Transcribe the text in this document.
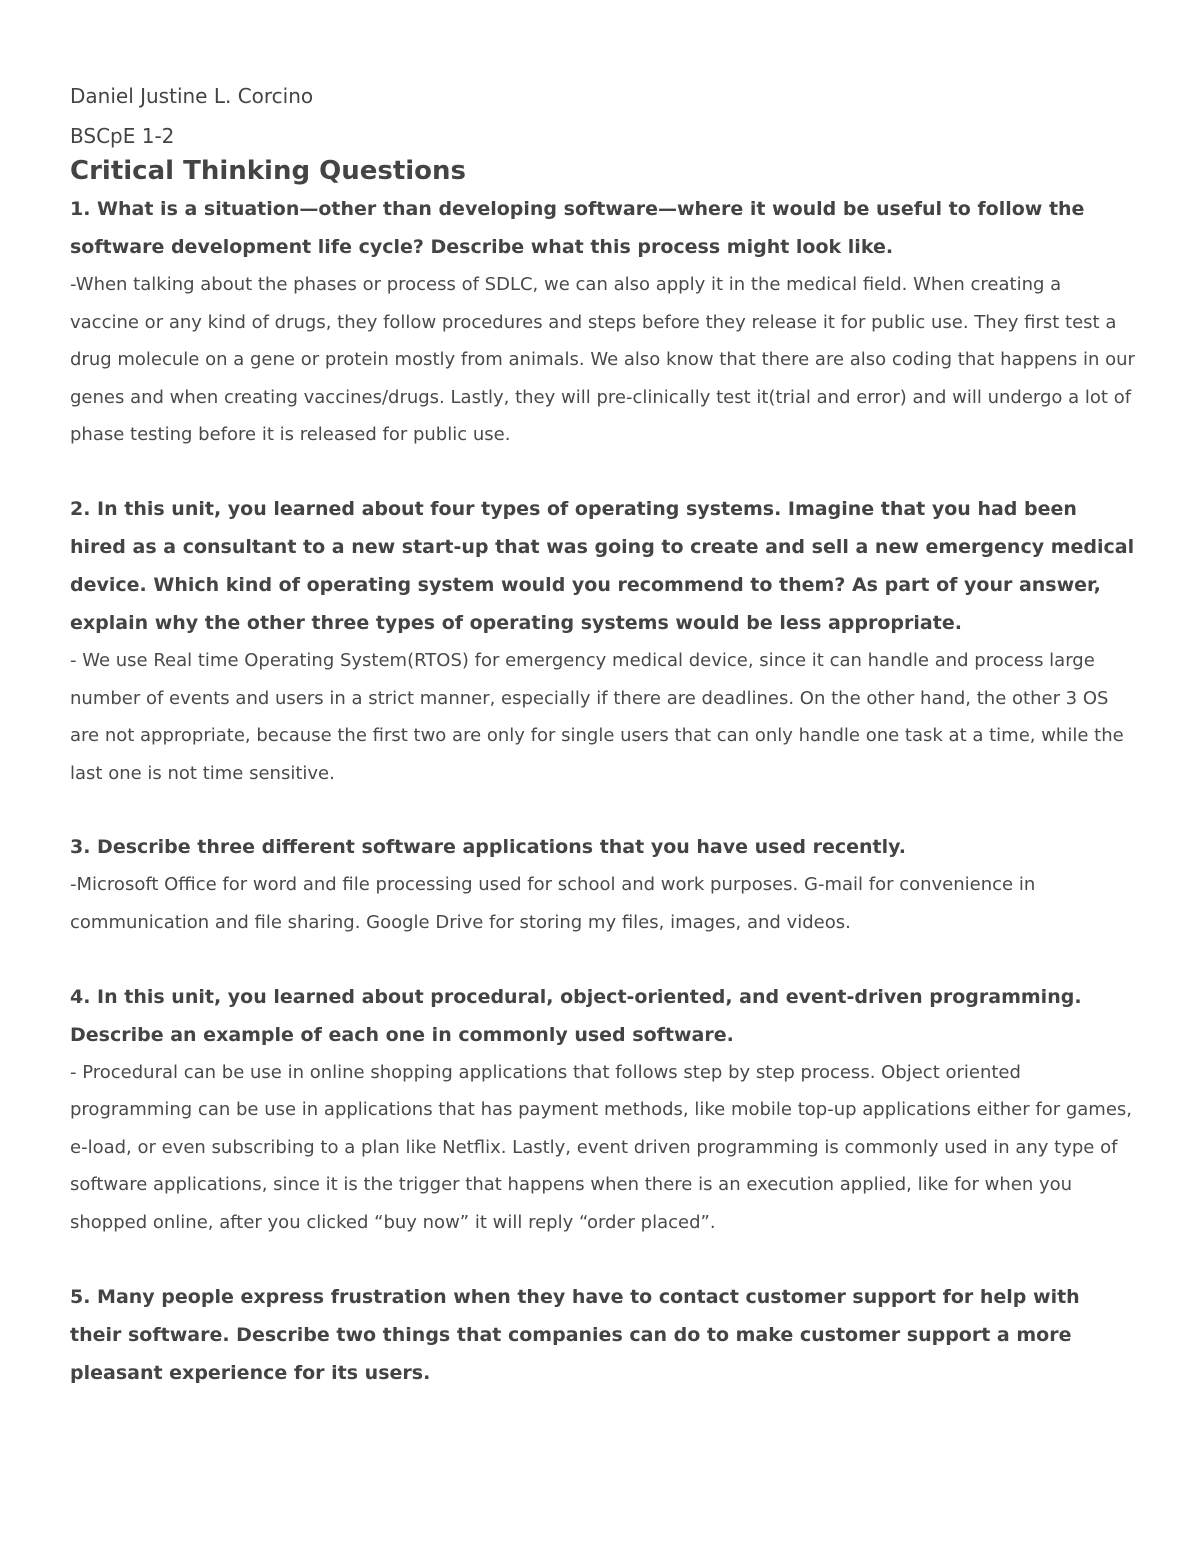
Daniel Justine L. Corcino

BSCpE 1-2

Critical Thinking Questions

1. What is a situation—other than developing software—where it would be useful to follow the software development life cycle? Describe what this process might look like.

-When talking about the phases or process of SDLC, we can also apply it in the medical field. When creating a vaccine or any kind of drugs, they follow procedures and steps before they release it for public use. They first test a drug molecule on a gene or protein mostly from animals. We also know that there are also coding that happens in our genes and when creating vaccines/drugs. Lastly, they will pre-clinically test it(trial and error) and will undergo a lot of phase testing before it is released for public use.

2. In this unit, you learned about four types of operating systems. Imagine that you had been hired as a consultant to a new start-up that was going to create and sell a new emergency medical device. Which kind of operating system would you recommend to them? As part of your answer, explain why the other three types of operating systems would be less appropriate.

- We use Real time Operating System(RTOS) for emergency medical device, since it can handle and process large number of events and users in a strict manner, especially if there are deadlines. On the other hand, the other 3 OS are not appropriate, because the first two are only for single users that can only handle one task at a time, while the last one is not time sensitive.

3. Describe three different software applications that you have used recently.

-Microsoft Office for word and file processing used for school and work purposes. G-mail for convenience in communication and file sharing. Google Drive for storing my files, images, and videos.

4. In this unit, you learned about procedural, object-oriented, and event-driven programming. Describe an example of each one in commonly used software.

- Procedural can be use in online shopping applications that follows step by step process. Object oriented programming can be use in applications that has payment methods, like mobile top-up applications either for games, e-load, or even subscribing to a plan like Netflix. Lastly, event driven programming is commonly used in any type of software applications, since it is the trigger that happens when there is an execution applied, like for when you shopped online, after you clicked “buy now” it will reply “order placed”.

5. Many people express frustration when they have to contact customer support for help with their software. Describe two things that companies can do to make customer support a more pleasant experience for its users.
